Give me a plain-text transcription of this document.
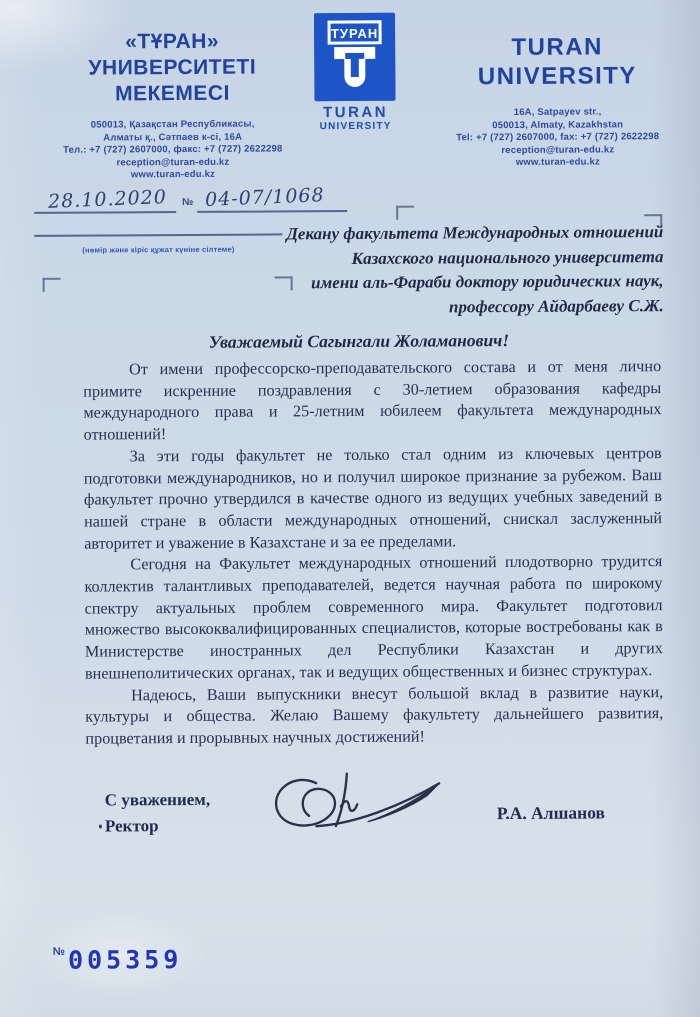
«ТҰРАН»
УНИВЕРСИТЕТІ
МЕКЕМЕСІ
050013, Қазақстан Республикасы,
Алматы қ., Сәтпаев к-сі, 16А
Тел.: +7 (727) 2607000, факс: +7 (727) 2622298
reception@turan-edu.kz
www.turan-edu.kz
ТУРАН
TURAN
UNIVERSITY
TURAN
UNIVERSITY
16A, Satpayev str.,
050013, Almaty, Kazakhstan
Tel: +7 (727) 2607000, fax: +7 (727) 2622298
reception@turan-edu.kz
www.turan-edu.kz
28.10.2020 № 04-07/1068
(нөмір және кіріс құжат күніне сілтеме)
Декану факультета Международных отношений
Казахского национального университета
имени аль-Фараби доктору юридических наук,
профессору Айдарбаеву С.Ж.
Уважаемый Сагынгали Жоламанович!

От имени профессорско-преподавательского состава и от меня лично примите искренние поздравления с 30-летием образования кафедры международного права и 25-летним юбилеем факультета международных отношений!

За эти годы факультет не только стал одним из ключевых центров подготовки международников, но и получил широкое признание за рубежом. Ваш факультет прочно утвердился в качестве одного из ведущих учебных заведений в нашей стране в области международных отношений, снискал заслуженный авторитет и уважение в Казахстане и за ее пределами.

Сегодня на Факультет международных отношений плодотворно трудится коллектив талантливых преподавателей, ведется научная работа по широкому спектру актуальных проблем современного мира. Факультет подготовил множество высококвалифицированных специалистов, которые востребованы как в Министерстве иностранных дел Республики Казахстан и других внешнеполитических органах, так и ведущих общественных и бизнес структурах.

Надеюсь, Ваши выпускники внесут большой вклад в развитие науки, культуры и общества. Желаю Вашему факультету дальнейшего развития, процветания и прорывных научных достижений!

С уважением,
Ректор
Р.А. Алшанов
№ 005359
